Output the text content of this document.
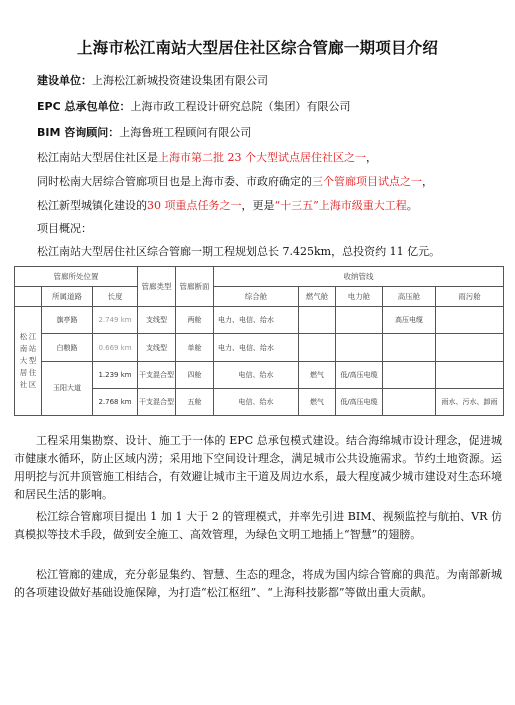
上海市松江南站大型居住社区综合管廊一期项目介绍
建设单位：上海松江新城投资建设集团有限公司
EPC 总承包单位：上海市政工程设计研究总院（集团）有限公司
BIM 咨询顾问：上海鲁班工程顾问有限公司
松江南站大型居住社区是上海市第二批 23 个大型试点居住社区之一，
同时松南大居综合管廊项目也是上海市委、市政府确定的三个管廊项目试点之一，
松江新型城镇化建设的30 项重点任务之一，更是“十三五”上海市级重大工程。
项目概况：
松江南站大型居住社区综合管廊一期工程规划总长 7.425km，总投资约 11 亿元。
管廊所处位置			管廊类型	管廊断面	收纳管线				
	所属道路	长度			综合舱	燃气舱	电力舱	高压舱	雨污舱
松南大居社江站型住区	旗亭路	2.749 km	支线型	两舱	电力、电信、给水			高压电缆	
	白粮路	0.669 km	支线型	单舱	电力、电信、给水				
	玉阳大道	1.239 km	干支混合型	四舱	电信、给水	燃气	低/高压电缆		
		2.768 km	干支混合型	五舱	电信、给水	燃气	低/高压电缆		雨水、污水、卸雨
工程采用集勘察、设计、施工于一体的 EPC 总承包模式建设。结合海绵城市设计理念，促进城市健康水循环，防止区域内涝；采用地下空间设计理念，满足城市公共设施需求。节约土地资源。运用明挖与沉井顶管施工相结合，有效避让城市主干道及周边水系，最大程度减少城市建设对生态环境和居民生活的影响。
松江综合管廊项目提出 1 加 1 大于 2 的管理模式，并率先引进 BIM、视频监控与航拍、VR 仿真模拟等技术手段，做到安全施工、高效管理，为绿色文明工地插上“智慧”的翅膀。
松江管廊的建成，充分彰显集约、智慧、生态的理念，将成为国内综合管廊的典范。为南部新城的各项建设做好基础设施保障，为打造“松江枢纽”、“上海科技影都”等做出重大贡献。
